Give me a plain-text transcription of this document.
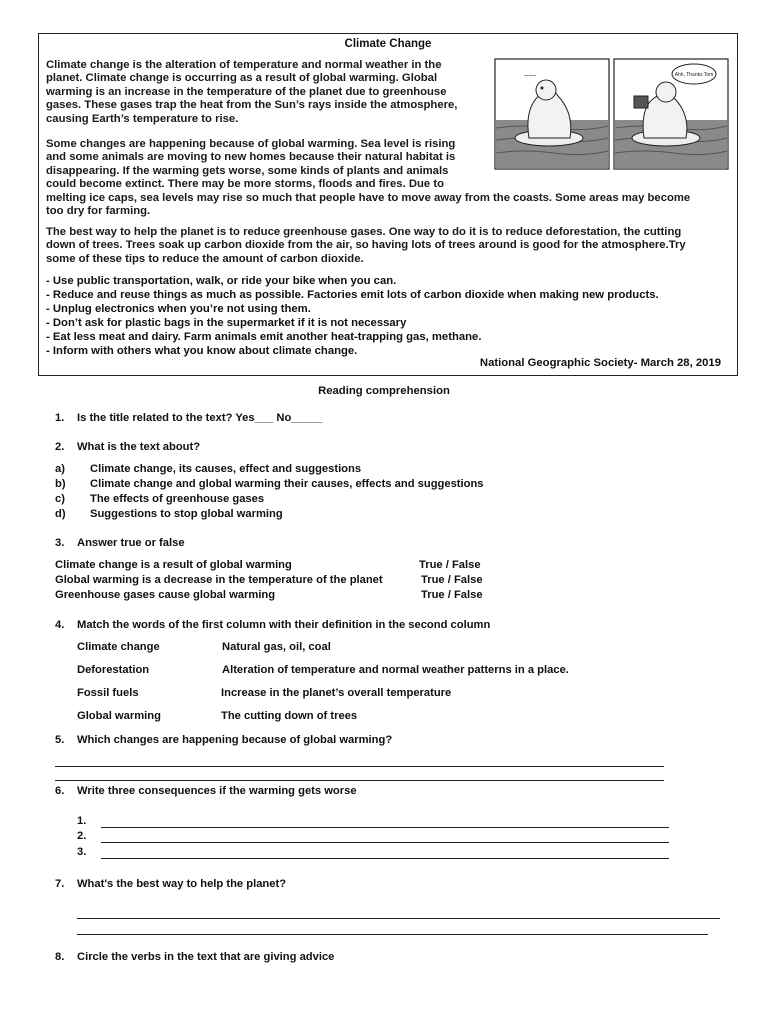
Climate Change
Climate change is the alteration of temperature and normal weather in the
planet. Climate change is occurring as a result of global warming. Global
warming is an increase in the temperature of the planet due to greenhouse
gases. These gases trap the heat from the Sun’s rays inside the atmosphere,
causing Earth’s temperature to rise.
Some changes are happening because of global warming. Sea level is rising
and some animals are moving to new homes because their natural habitat is
disappearing. If the warming gets worse, some kinds of plants and animals
could become extinct. There may be more storms, floods and fires. Due to
melting ice caps, sea levels may rise so much that people have to move away from the coasts. Some areas may become
too dry for farming.
The best way to help the planet is to reduce greenhouse gases. One way to do it is to reduce deforestation, the cutting
down of trees. Trees soak up carbon dioxide from the air, so having lots of trees around is good for the atmosphere.Try
some of these tips to reduce the amount of carbon dioxide.
~~~	Ahh, Thanks Tom
- Use public transportation, walk, or ride your bike when you can.
- Reduce and reuse things as much as possible. Factories emit lots of carbon dioxide when making new products.
- Unplug electronics when you’re not using them.
- Don’t ask for plastic bags in the supermarket if it is not necessary
- Eat less meat and dairy. Farm animals emit another heat-trapping gas, methane.
- Inform with others what you know about climate change.
National Geographic Society- March 28, 2019
Reading comprehension
1. Is the title related to the text? Yes___ No_____
2. What is the text about?
a) Climate change, its causes, effect and suggestions
b) Climate change and global warming their causes, effects and suggestions
c) The effects of greenhouse gases
d) Suggestions to stop global warming
3. Answer true or false
Climate change is a result of global warming	True / False
Global warming is a decrease in the temperature of the planet	True / False
Greenhouse gases cause global warming	True / False
4. Match the words of the first column with their definition in the second column
Climate change	Natural gas, oil, coal
Deforestation	Alteration of temperature and normal weather patterns in a place.
Fossil fuels	Increase in the planet’s overall temperature
Global warming	The cutting down of trees
5. Which changes are happening because of global warming?
6. Write three consequences if the warming gets worse
1.
2.
3.
7. What's the best way to help the planet?
8. Circle the verbs in the text that are giving advice
